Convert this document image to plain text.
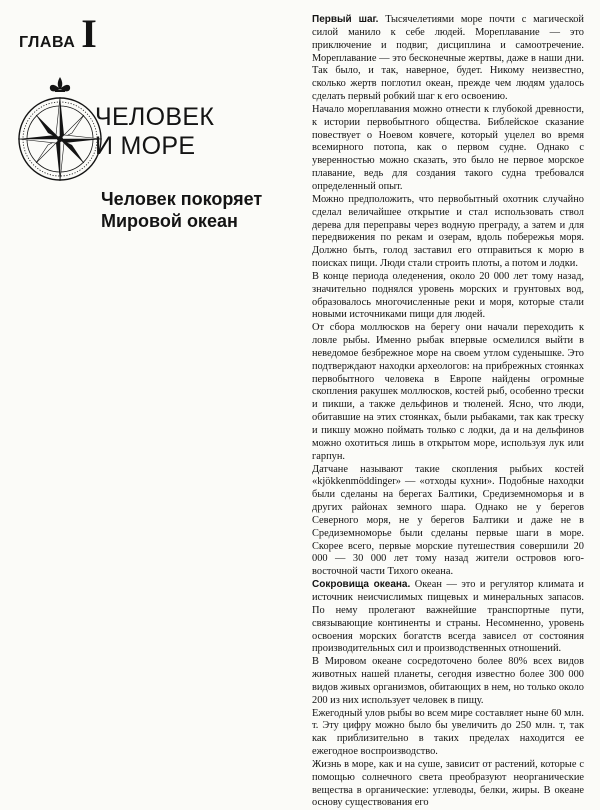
ГЛАВА I
ЧЕЛОВЕК
И МОРЕ
Человек покоряет
Мировой океан

Первый шаг. Тысячелетиями море почти с магической силой манило к себе людей. Мореплавание — это приключение и подвиг, дисциплина и самоотречение. Мореплавание — это бесконечные жертвы, даже в наши дни. Так было, и так, наверное, будет. Никому неизвестно, сколько жертв поглотил океан, прежде чем людям удалось сделать первый робкий шаг к его освоению.

Начало мореплавания можно отнести к глубокой древности, к истории первобытного общества. Библейское сказание повествует о Ноевом ковчеге, который уцелел во время всемирного потопа, как о первом судне. Однако с уверенностью можно сказать, это было не первое морское плавание, ведь для создания такого судна требовался определенный опыт.

Можно предположить, что первобытный охотник случайно сделал величайшее открытие и стал использовать ствол дерева для переправы через водную преграду, а затем и для передвижения по рекам и озерам, вдоль побережья моря. Должно быть, голод заставил его отправиться к морю в поисках пищи. Люди стали строить плоты, а потом и лодки.

В конце периода оледенения, около 20 000 лет тому назад, значительно поднялся уровень морских и грунтовых вод, образовалось многочисленные реки и моря, которые стали новыми источниками пищи для людей.

От сбора моллюсков на берегу они начали переходить к ловле рыбы. Именно рыбак впервые осмелился выйти в неведомое безбрежное море на своем утлом суденышке. Это подтверждают находки археологов: на прибрежных стоянках первобытного человека в Европе найдены огромные скопления ракушек моллюсков, костей рыб, особенно трески и пикши, а также дельфинов и тюленей. Ясно, что люди, обитавшие на этих стоянках, были рыбаками, так как треску и пикшу можно поймать только с лодки, да и на дельфинов можно охотиться лишь в открытом море, используя лук или гарпун.

Датчане называют такие скопления рыбьих костей «kjökkenmöddinger» — «отходы кухни». Подобные находки были сделаны на берегах Балтики, Средиземноморья и в других районах земного шара. Однако не у берегов Северного моря, не у берегов Балтики и даже не в Средиземноморье были сделаны первые шаги в море. Скорее всего, первые морские путешествия совершили 20 000 — 30 000 лет тому назад жители островов юго-восточной части Тихого океана.

Сокровища океана. Океан — это и регулятор климата и источник неисчислимых пищевых и минеральных запасов. По нему пролегают важнейшие транспортные пути, связывающие континенты и страны. Несомненно, уровень освоения морских богатств всегда зависел от состояния производительных сил и производственных отношений.

В Мировом океане сосредоточено более 80% всех видов животных нашей планеты, сегодня известно более 300 000 видов живых организмов, обитающих в нем, но только около 200 из них использует человек в пищу.

Ежегодный улов рыбы во всем мире составляет ныне 60 млн. т. Эту цифру можно было бы увеличить до 250 млн. т, так как приблизительно в таких пределах находится ее ежегодное воспроизводство.

Жизнь в море, как и на суше, зависит от растений, которые с помощью солнечного света преобразуют неорганические вещества в органические: углеводы, белки, жиры. В океане основу существования его
